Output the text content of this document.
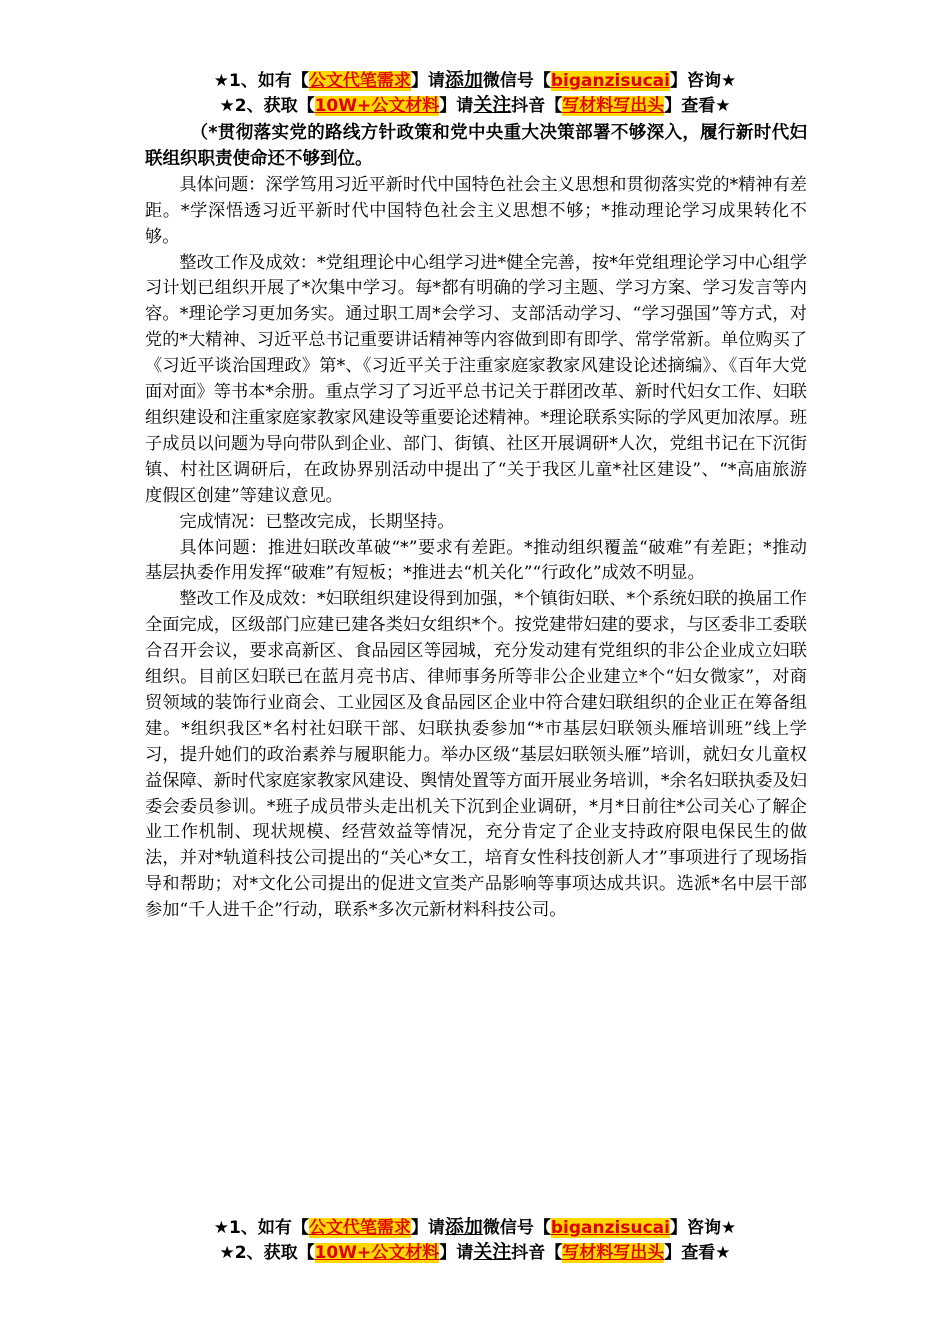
★1、如有【公文代笔需求】请添加微信号【biganzisucai】咨询★
★2、获取【10W+公文材料】请关注抖音【写材料写出头】查看★

（*贯彻落实党的路线方针政策和党中央重大决策部署不够深入，履行新时代妇联组织职责使命还不够到位。

具体问题：深学笃用习近平新时代中国特色社会主义思想和贯彻落实党的*精神有差距。*学深悟透习近平新时代中国特色社会主义思想不够；*推动理论学习成果转化不够。

整改工作及成效：*党组理论中心组学习进*健全完善，按*年党组理论学习中心组学习计划已组织开展了*次集中学习。每*都有明确的学习主题、学习方案、学习发言等内容。*理论学习更加务实。通过职工周*会学习、支部活动学习、“学习强国”等方式，对党的*大精神、习近平总书记重要讲话精神等内容做到即有即学、常学常新。单位购买了《习近平谈治国理政》第*、《习近平关于注重家庭家教家风建设论述摘编》、《百年大党面对面》等书本*余册。重点学习了习近平总书记关于群团改革、新时代妇女工作、妇联组织建设和注重家庭家教家风建设等重要论述精神。*理论联系实际的学风更加浓厚。班子成员以问题为导向带队到企业、部门、街镇、社区开展调研*人次，党组书记在下沉街镇、村社区调研后，在政协界别活动中提出了“关于我区儿童*社区建设”、“*高庙旅游度假区创建”等建议意见。

完成情况：已整改完成，长期坚持。

具体问题：推进妇联改革破“*”要求有差距。*推动组织覆盖“破难”有差距；*推动基层执委作用发挥“破难”有短板；*推进去“机关化”“行政化”成效不明显。

整改工作及成效：*妇联组织建设得到加强，*个镇街妇联、*个系统妇联的换届工作全面完成，区级部门应建已建各类妇女组织*个。按党建带妇建的要求，与区委非工委联合召开会议，要求高新区、食品园区等园城，充分发动建有党组织的非公企业成立妇联组织。目前区妇联已在蓝月亮书店、律师事务所等非公企业建立*个“妇女微家”，对商贸领域的装饰行业商会、工业园区及食品园区企业中符合建妇联组织的企业正在筹备组建。*组织我区*名村社妇联干部、妇联执委参加“*市基层妇联领头雁培训班”线上学习，提升她们的政治素养与履职能力。举办区级“基层妇联领头雁”培训，就妇女儿童权益保障、新时代家庭家教家风建设、舆情处置等方面开展业务培训，*余名妇联执委及妇委会委员参训。*班子成员带头走出机关下沉到企业调研，*月*日前往*公司关心了解企业工作机制、现状规模、经营效益等情况，充分肯定了企业支持政府限电保民生的做法，并对*轨道科技公司提出的“关心*女工，培育女性科技创新人才”事项进行了现场指导和帮助；对*文化公司提出的促进文宣类产品影响等事项达成共识。选派*名中层干部参加“千人进千企”行动，联系*多次元新材料科技公司。

★1、如有【公文代笔需求】请添加微信号【biganzisucai】咨询★
★2、获取【10W+公文材料】请关注抖音【写材料写出头】查看★
